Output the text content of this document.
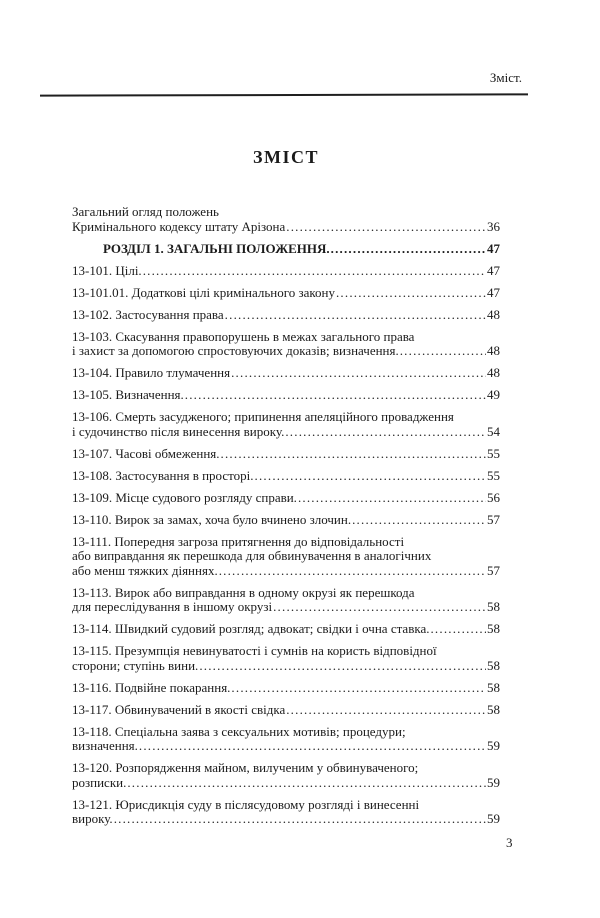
Зміст.
ЗМІСТ
Загальний огляд положень
Кримінального кодексу штату Арізона .....	36
РОЗДІЛ 1. ЗАГАЛЬНІ ПОЛОЖЕННЯ. .....	47
13-101. Цілі. .....	47
13-101.01. Додаткові цілі кримінального закону .....	47
13-102. Застосування права .....	48
13-103. Скасування правопорушень в межах загального права
і захист за допомогою спростовуючих доказів; визначення. .....	48
13-104. Правило тлумачення .....	48
13-105. Визначення. .....	49
13-106. Смерть засудженого; припинення апеляційного провадження
і судочинство після винесення вироку. .....	54
13-107. Часові обмеження. .....	55
13-108. Застосування в просторі. .....	55
13-109. Місце судового розгляду справи. .....	56
13-110. Вирок за замах, хоча було вчинено злочин. .....	57
13-111. Попередня загроза притягнення до відповідальності
або виправдання як перешкода для обвинувачення в аналогічних
або менш тяжких діяннях. .....	57
13-113. Вирок або виправдання в одному окрузі як перешкода
для переслідування в іншому окрузі .....	58
13-114. Швидкий судовий розгляд; адвокат; свідки і очна ставка. .....	58
13-115. Презумпція невинуватості і сумнів на користь відповідної
сторони; ступінь вини. .....	58
13-116. Подвійне покарання. .....	58
13-117. Обвинувачений в якості свідка .....	58
13-118. Спеціальна заява з сексуальних мотивів; процедури;
визначення. .....	59
13-120. Розпорядження майном, вилученим у обвинуваченого;
розписки. .....	59
13-121. Юрисдикція суду в післясудовому розгляді і винесенні
вироку. .....	59
3
